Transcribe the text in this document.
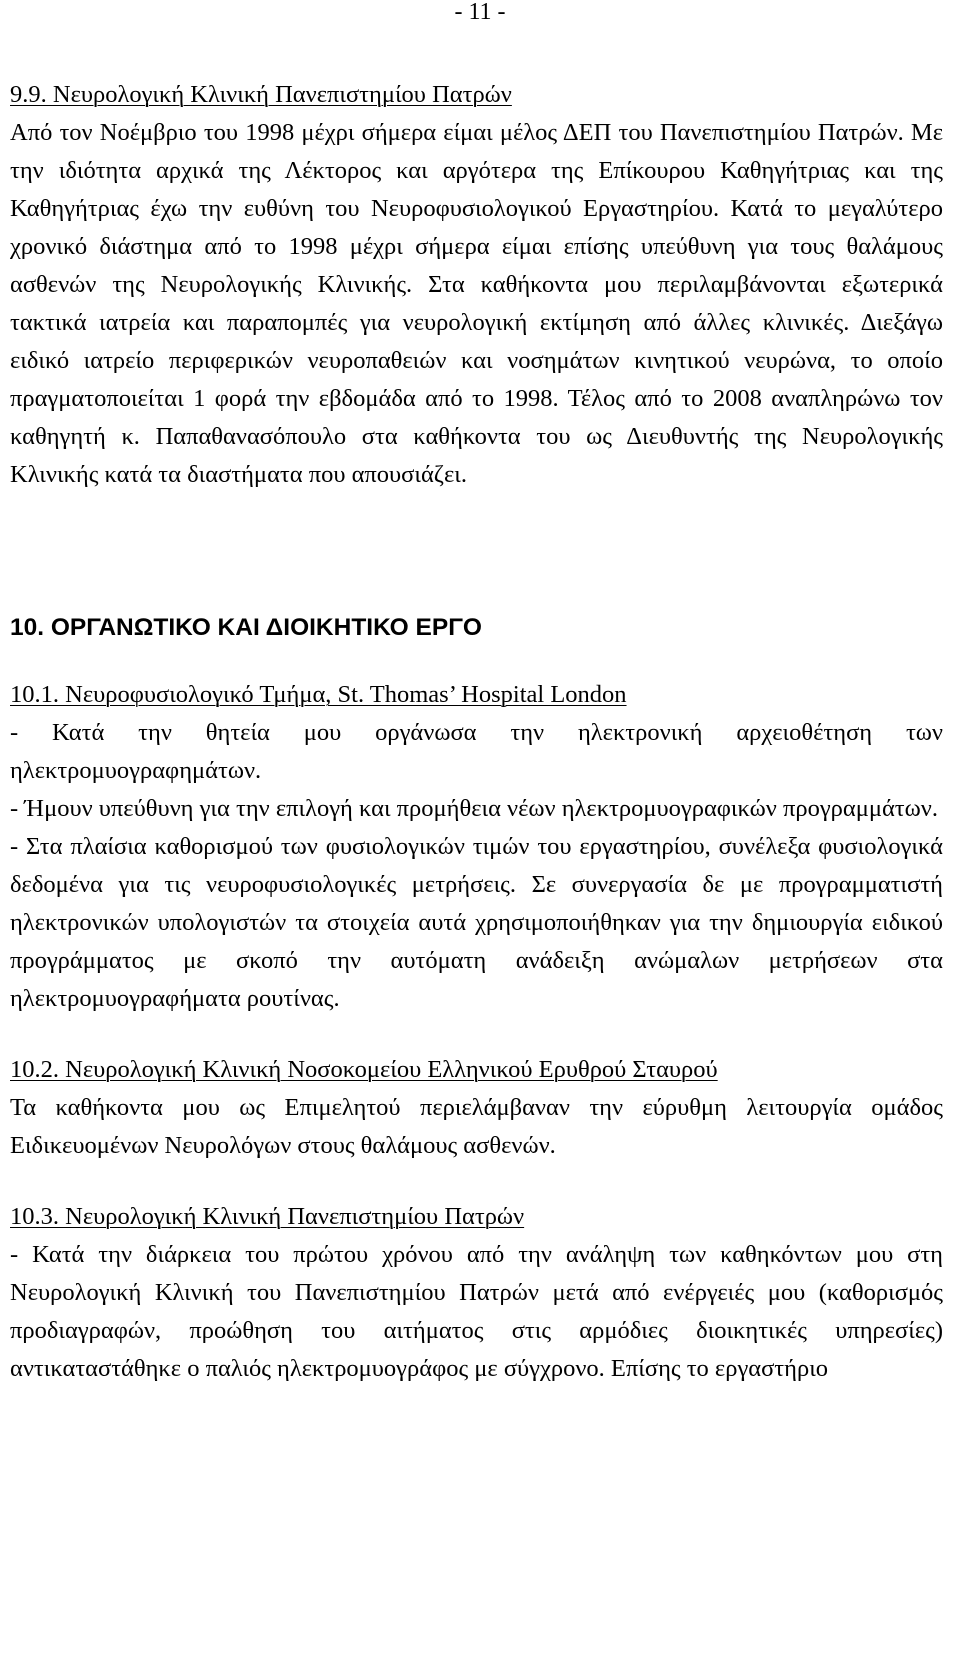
- 11 -
9.9. Νευρολογική Κλινική Πανεπιστημίου Πατρών
Από τον Νοέμβριο του 1998 μέχρι σήμερα είμαι μέλος ΔΕΠ του Πανεπιστημίου Πατρών. Με την ιδιότητα αρχικά της Λέκτορος και αργότερα της Επίκουρου Καθηγήτριας και της Καθηγήτριας έχω την ευθύνη του Νευροφυσιολογικού Εργαστηρίου. Κατά το μεγαλύτερο χρονικό διάστημα από το 1998 μέχρι σήμερα είμαι επίσης υπεύθυνη για τους θαλάμους ασθενών της Νευρολογικής Κλινικής. Στα καθήκοντα μου περιλαμβάνονται εξωτερικά τακτικά ιατρεία και παραπομπές για νευρολογική εκτίμηση από άλλες κλινικές. Διεξάγω ειδικό ιατρείο περιφερικών νευροπαθειών και νοσημάτων κινητικού νευρώνα, το οποίο πραγματοποιείται 1 φορά την εβδομάδα από το 1998. Τέλος από το 2008 αναπληρώνω τον καθηγητή κ. Παπαθανασόπουλο στα καθήκοντα του ως Διευθυντής της Νευρολογικής Κλινικής κατά τα διαστήματα που απουσιάζει.
10. ΟΡΓΑΝΩΤΙΚΟ ΚΑΙ ΔΙΟΙΚΗΤΙΚΟ ΕΡΓΟ
10.1. Νευροφυσιολογικό Τμήμα, St. Thomas’ Hospital London
- Κατά την θητεία μου οργάνωσα την ηλεκτρονική αρχειοθέτηση των ηλεκτρομυογραφημάτων.
- Ήμουν υπεύθυνη για την επιλογή και προμήθεια νέων ηλεκτρομυογραφικών προγραμμάτων.
- Στα πλαίσια καθορισμού των φυσιολογικών τιμών του εργαστηρίου, συνέλεξα φυσιολογικά δεδομένα για τις νευροφυσιολογικές μετρήσεις. Σε συνεργασία δε με προγραμματιστή ηλεκτρονικών υπολογιστών τα στοιχεία αυτά χρησιμοποιήθηκαν για την δημιουργία ειδικού προγράμματος με σκοπό την αυτόματη ανάδειξη ανώμαλων μετρήσεων στα ηλεκτρομυογραφήματα ρουτίνας.
10.2. Νευρολογική Κλινική Νοσοκομείου Ελληνικού Ερυθρού Σταυρού
Τα καθήκοντα μου ως Επιμελητού περιελάμβαναν την εύρυθμη λειτουργία ομάδος Ειδικευομένων Νευρολόγων στους θαλάμους ασθενών.
10.3. Νευρολογική Κλινική Πανεπιστημίου Πατρών
- Κατά την διάρκεια του πρώτου χρόνου από την ανάληψη των καθηκόντων μου στη Νευρολογική Κλινική του Πανεπιστημίου Πατρών μετά από ενέργειές μου (καθορισμός προδιαγραφών, προώθηση του αιτήματος στις αρμόδιες διοικητικές υπηρεσίες) αντικαταστάθηκε ο παλιός ηλεκτρομυογράφος με σύγχρονο. Επίσης το εργαστήριο
